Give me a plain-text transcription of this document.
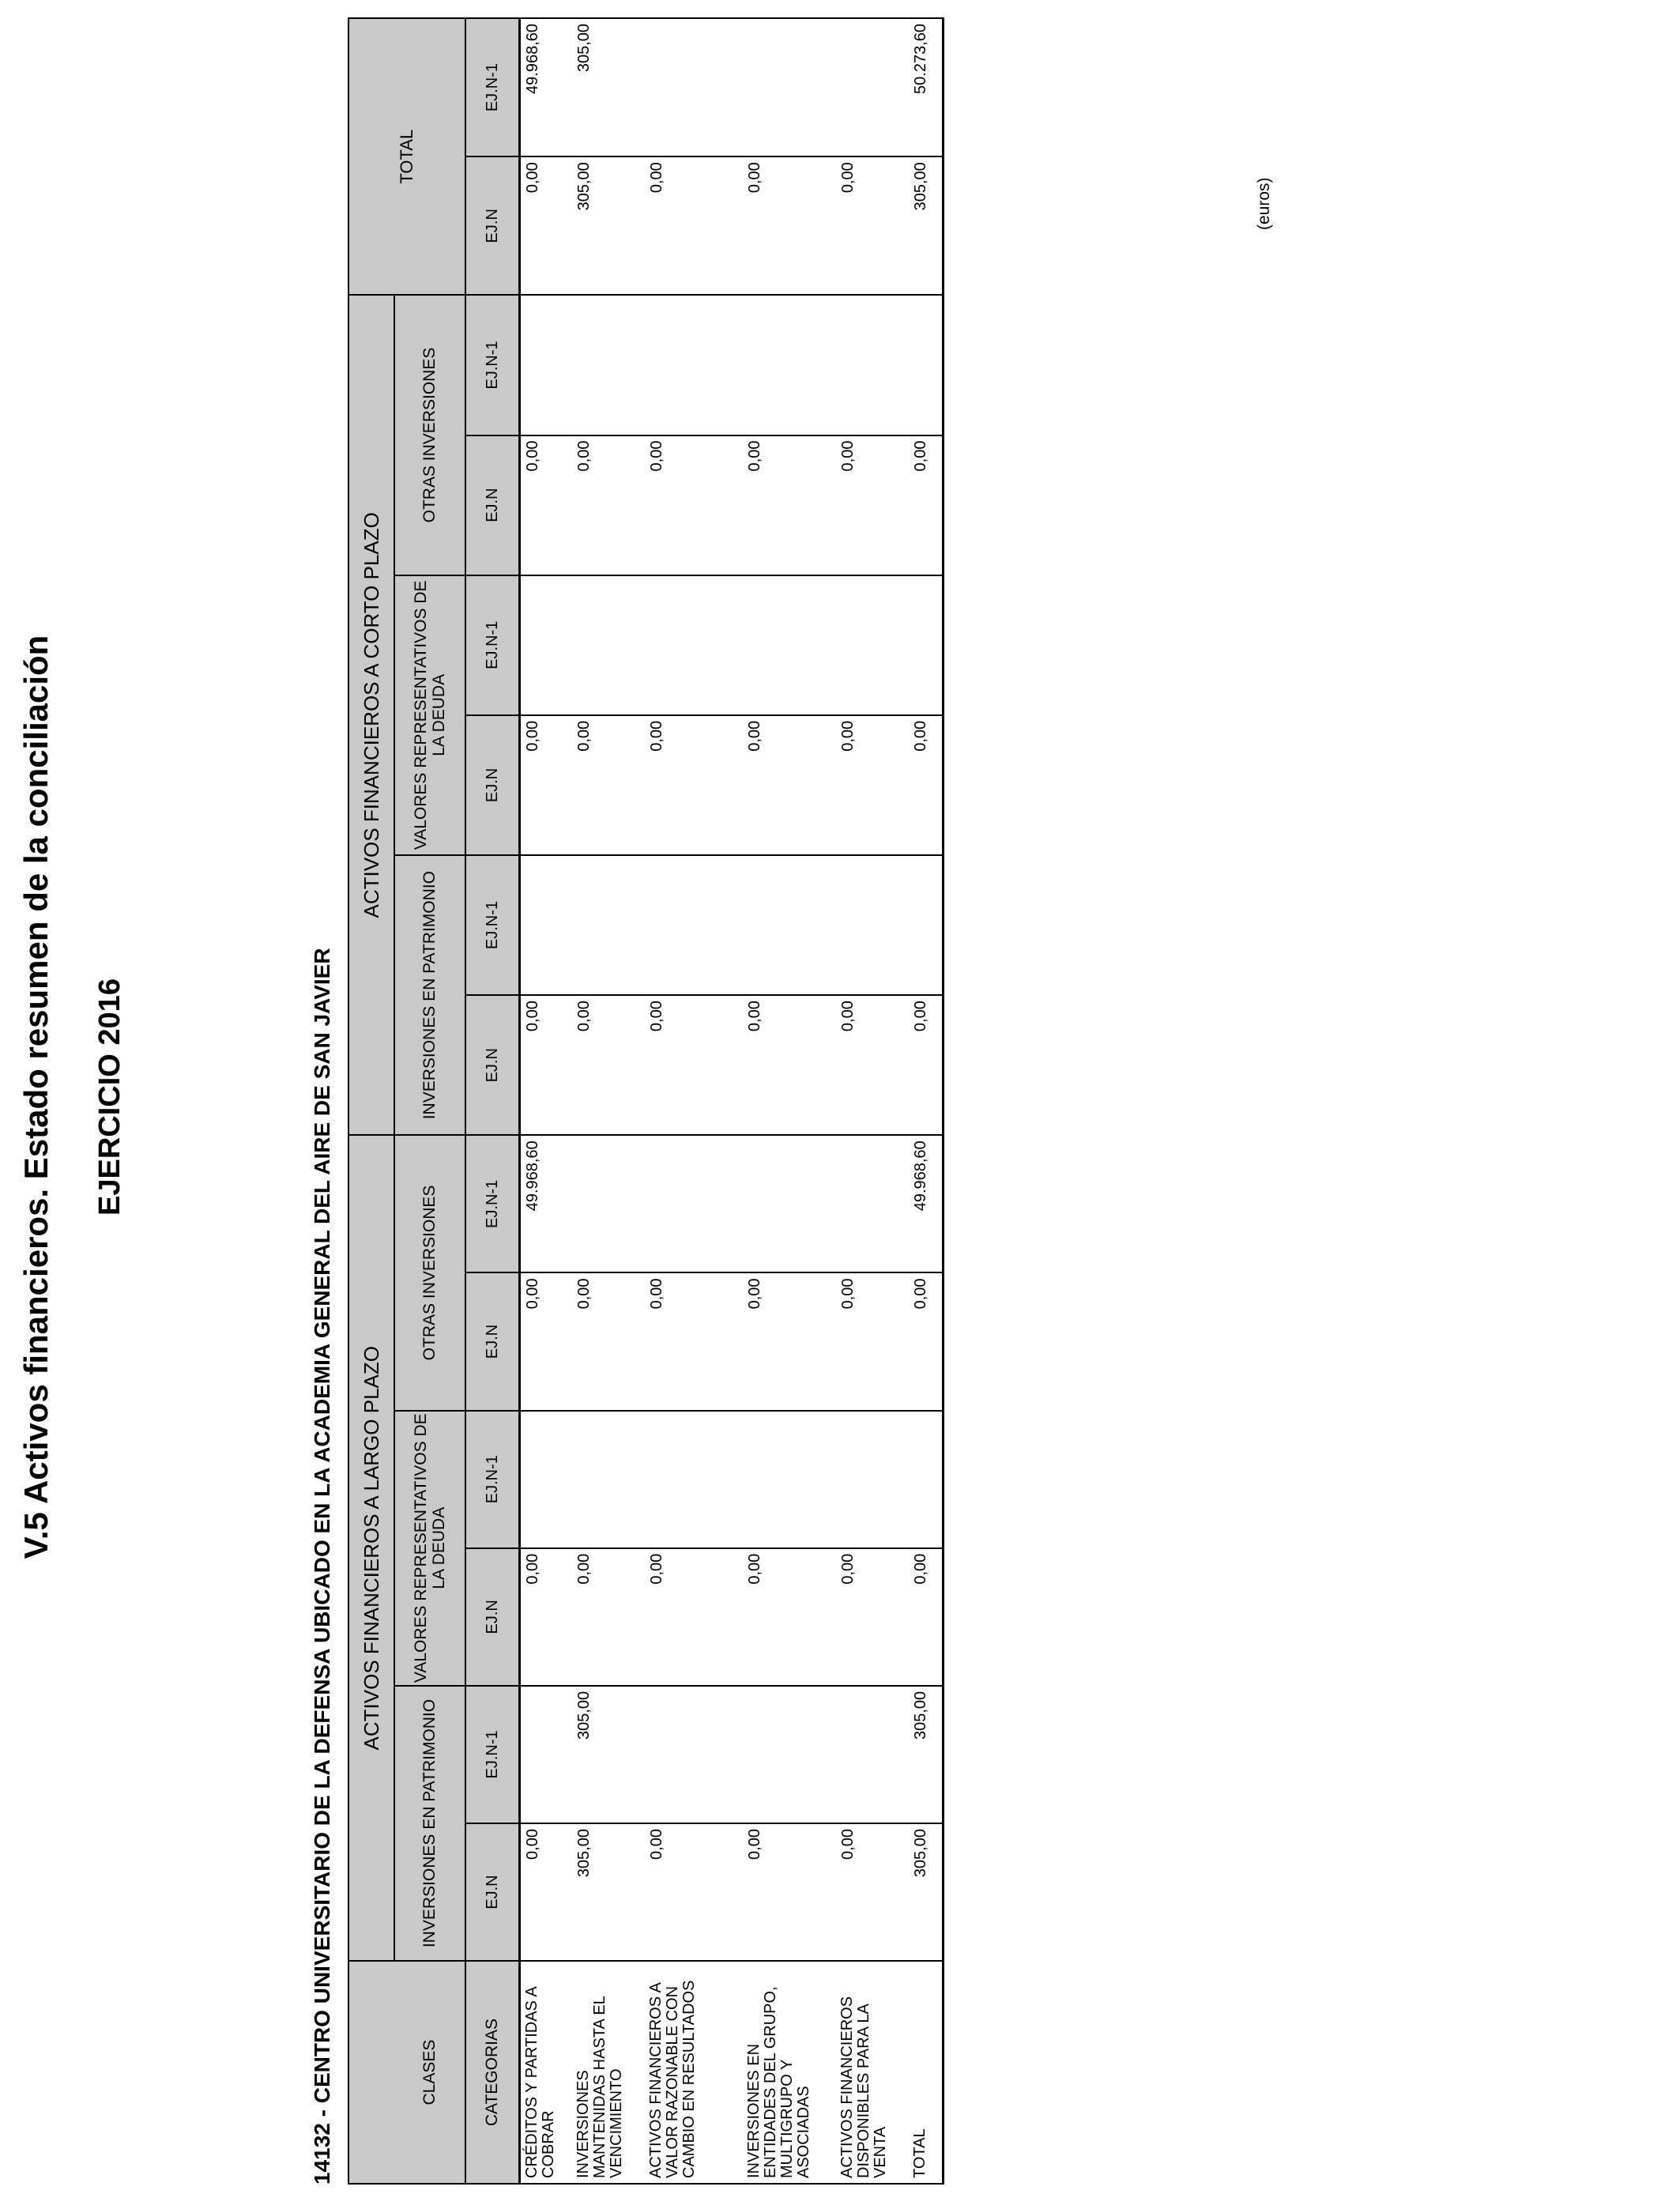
V.5 Activos financieros. Estado resumen de la conciliación EJERCICIO 2016	14132 - CENTRO UNIVERSITARIO DE LA DEFENSA UBICADO EN LA ACADEMIA GENERAL DEL AIRE DE SAN JAVIER
(euros)
	ACTIVOS FINANCIEROS A LARGO PLAZO						ACTIVOS FINANCIEROS A CORTO PLAZO						TOTAL	
CLASES	INVERSIONES EN PATRIMONIO		VALORES REPRESENTATIVOS DE LA DEUDA		OTRAS INVERSIONES		INVERSIONES EN PATRIMONIO		VALORES REPRESENTATIVOS DE LA DEUDA		OTRAS INVERSIONES			
CATEGORIAS	EJ.N	EJ.N-1	EJ.N	EJ.N-1	EJ.N	EJ.N-1	EJ.N	EJ.N-1	EJ.N	EJ.N-1	EJ.N	EJ.N-1	EJ.N	EJ.N-1
CRÉDITOS Y PARTIDAS A COBRAR	0,00		0,00		0,00	49.968,60	0,00		0,00		0,00		0,00	49.968,60
INVERSIONES MANTENIDAS HASTA EL VENCIMIENTO	305,00	305,00	0,00		0,00		0,00		0,00		0,00		305,00	305,00
ACTIVOS FINANCIEROS A VALOR RAZONABLE CON CAMBIO EN RESULTADOS	0,00		0,00		0,00		0,00		0,00		0,00		0,00	
INVERSIONES EN ENTIDADES DEL GRUPO, MULTIGRUPO Y ASOCIADAS	0,00		0,00		0,00		0,00		0,00		0,00		0,00	
ACTIVOS FINANCIEROS DISPONIBLES PARA LA VENTA	0,00		0,00		0,00		0,00		0,00		0,00		0,00	
TOTAL	305,00	305,00	0,00		0,00	49.968,60	0,00		0,00		0,00		305,00	50.273,60
